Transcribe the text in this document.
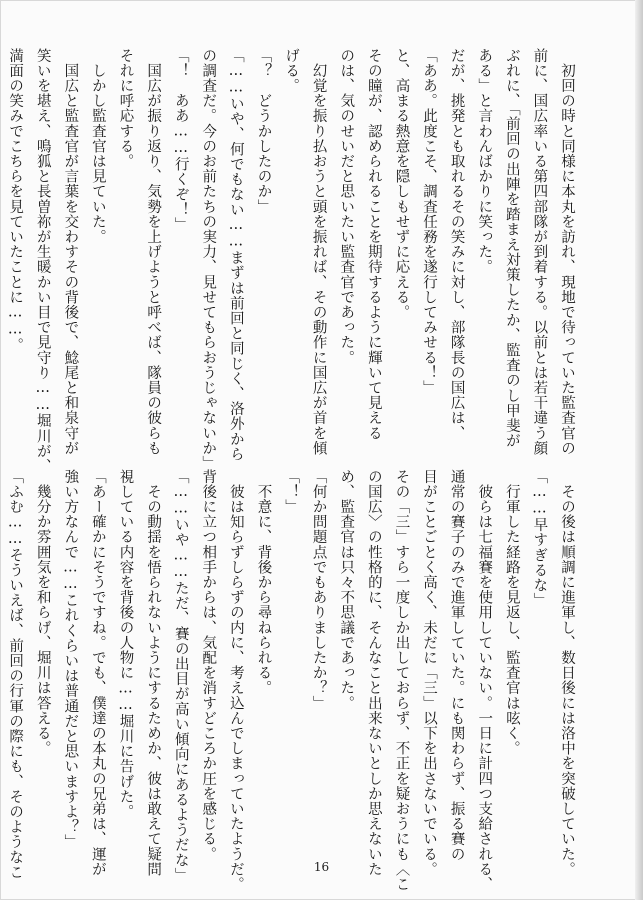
　初回の時と同様に本丸を訪れ、現地で待っていた監査官の
前に、国広率いる第四部隊が到着する。以前とは若干違う顔
ぶれに、「前回の出陣を踏まえ対策したか、監査のし甲斐が
ある」と言わんばかりに笑った。
だが、挑発とも取れるその笑みに対し、部隊長の国広は、
「ああ。此度こそ、調査任務を遂行してみせる！」
と、高まる熱意を隠しもせずに応える。
その瞳が、認められることを期待するように輝いて見える
のは、気のせいだと思いたい監査官であった。
　幻覚を振り払おうと頭を振れば、その動作に国広が首を傾
げる。
「？　どうかしたのか」
「……いや、何でもない……まずは前回と同じく、洛外から
の調査だ。今のお前たちの実力、見せてもらおうじゃないか」
「！　ああ……行くぞ！」
　国広が振り返り、気勢を上げようと呼べば、隊員の彼らも
それに呼応する。
　しかし監査官は見ていた。
　国広と監査官が言葉を交わすその背後で、鯰尾と和泉守が
笑いを堪え、鳴狐と長曽祢が生暖かい目で見守り……堀川が、
満面の笑みでこちらを見ていたことに……。
　その後は順調に進軍し、数日後には洛中を突破していた。
「……早すぎるな」
　行軍した経路を見返し、監査官は呟く。
　彼らは七福賽を使用していない。一日に計四つ支給される、
通常の賽子のみで進軍していた。にも関わらず、振る賽の
目がことごとく高く、未だに「三」以下を出さないでいる。
その「三」すら一度しか出しておらず、不正を疑おうにも〈こ
の国広〉の性格的に、そんなこと出来ないとしか思えないた
め、監査官は只々不思議であった。
「何か問題点でもありましたか？」
「！」
　不意に、背後から尋ねられる。
　彼は知らずしらずの内に、考え込んでしまっていたようだ。
背後に立つ相手からは、気配を消すどころか圧を感じる。
「……いや……ただ、賽の出目が高い傾向にあるようだな」
　その動揺を悟られないようにするためか、彼は敢えて疑問
視している内容を背後の人物に……堀川に告げた。
「あー確かにそうですね。でも、僕達の本丸の兄弟は、運が
強い方なんで……これくらいは普通だと思いますよ？」
　幾分か雰囲気を和らげ、堀川は答える。
「ふむ……そういえば、前回の行軍の際にも、そのようなこ	16
